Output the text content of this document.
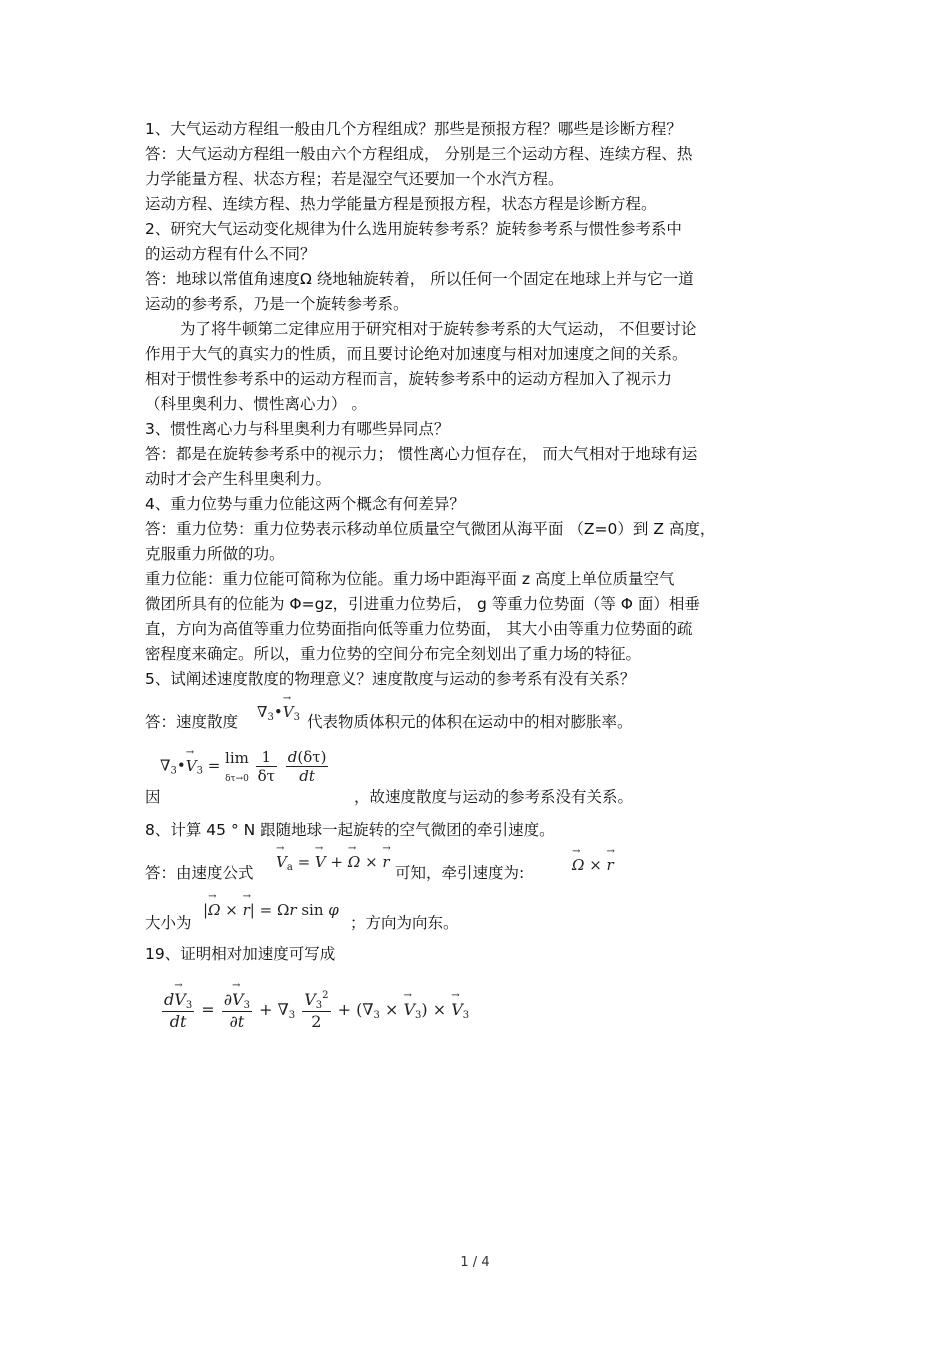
1、大气运动方程组一般由几个方程组成？那些是预报方程？哪些是诊断方程？
答：大气运动方程组一般由六个方程组成， 分别是三个运动方程、连续方程、热
力学能量方程、状态方程；若是湿空气还要加一个水汽方程。
运动方程、连续方程、热力学能量方程是预报方程，状态方程是诊断方程。
2、研究大气运动变化规律为什么选用旋转参考系？旋转参考系与惯性参考系中
的运动方程有什么不同？
答：地球以常值角速度Ω 绕地轴旋转着， 所以任何一个固定在地球上并与它一道
运动的参考系，乃是一个旋转参考系。
为了将牛顿第二定律应用于研究相对于旋转参考系的大气运动， 不但要讨论
作用于大气的真实力的性质，而且要讨论绝对加速度与相对加速度之间的关系。
相对于惯性参考系中的运动方程而言，旋转参考系中的运动方程加入了视示力
（科里奥利力、惯性离心力） 。
3、惯性离心力与科里奥利力有哪些异同点？
答：都是在旋转参考系中的视示力； 惯性离心力恒存在， 而大气相对于地球有运
动时才会产生科里奥利力。
4、重力位势与重力位能这两个概念有何差异？
答：重力位势：重力位势表示移动单位质量空气微团从海平面 （Z=0）到 Z 高度，
克服重力所做的功。
重力位能：重力位能可简称为位能。重力场中距海平面 z 高度上单位质量空气
微团所具有的位能为 Φ=gz，引进重力位势后， g 等重力位势面（等 Φ 面）相垂
直，方向为高值等重力位势面指向低等重力位势面， 其大小由等重力位势面的疏
密程度来确定。所以，重力位势的空间分布完全刻划出了重力场的特征。
5、试阐述速度散度的物理意义？速度散度与运动的参考系有没有关系？
答：速度散度
$\nabla_3•\to V_3$ 代表物质体积元的体积在运动中的相对膨胀率。
$\nabla_3•\to V_3 = \lim$
$\delta\tau\to 0 \frac{1}{\delta\tau}$
$\frac{d(\delta\tau)}{dt}$
因	，故速度散度与运动的参考系没有关系。
8、计算 45 ° N 跟随地球一起旋转的空气微团的牵引速度。
答：由速度公式
→ $V_a$ = → V + → Ω × → r
可知，牵引速度为:
→	Ω × → r
大小为
|→ Ω × → r| = Ωr sin φ
；方向为向东。
19、证明相对加速度可写成
$\frac{d\to V_3}{dt} = \frac{\partial\to V_3}{\partial t} + \nabla_3 \frac{V_3^2}{2} + (\nabla_3$ × → $V_3$) × → $V_3$
1 / 4
